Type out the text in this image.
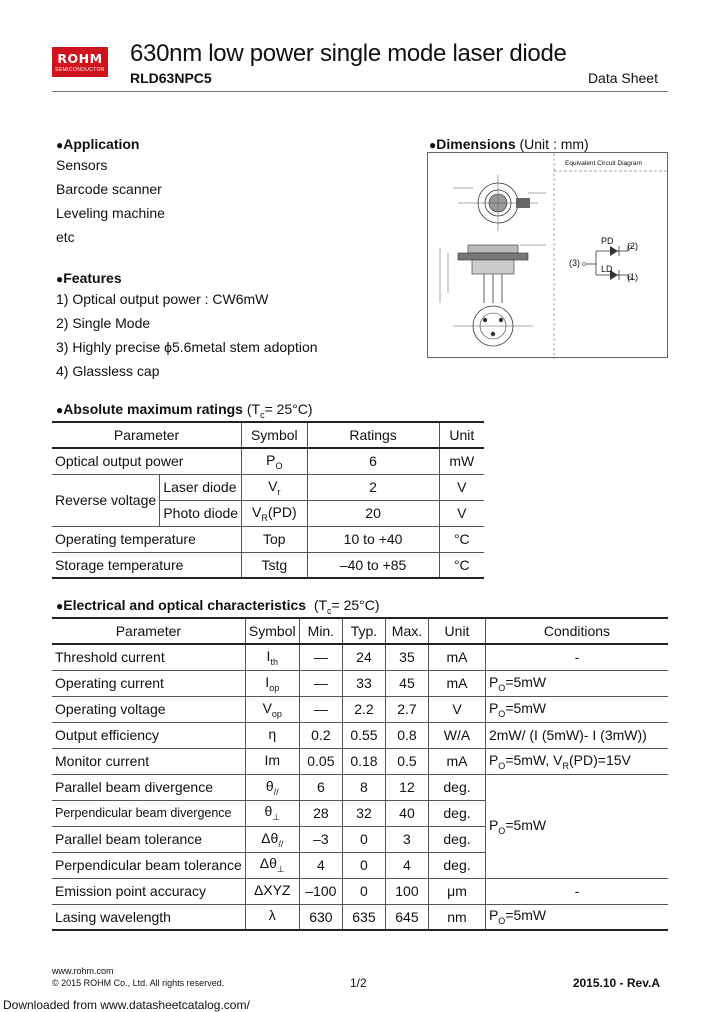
ROHM
SEMICONDUCTOR
630nm low power single mode laser diode
RLD63NPC5	Data Sheet
●Application
Sensors
Barcode scanner
Leveling machine
etc
●Dimensions (Unit : mm)
Equivalent Circuit Diagram
PD
LD
(2)
(1)
(3)
●Features
1) Optical output power : CW6mW
2) Single Mode
3) Highly precise ϕ5.6metal stem adoption
4) Glassless cap
●Absolute maximum ratings $(T_c= 25^\circ C)$
Parameter		Symbol	Ratings	Unit
Optical output power		$P_O$	6	mW
Reverse voltage	Laser diode	$V_r$	2	V
	Photo diode	$V_R(PD)$	20	V
Operating temperature		Top	10 to +40	°C
Storage temperature		Tstg	–40 to +85	°C
●Electrical and optical characteristics $(T_c= 25^\circ C)$
Parameter	Symbol	Min.	Typ.	Max.	Unit	Conditions
Threshold current	$I_{th}$	—	24	35	mA	-
Operating current	$I_{op}$	—	33	45	mA	$P_O=5mW$
Operating voltage	$V_{op}$	—	2.2	2.7	V	$P_O=5mW$
Output efficiency	η	0.2	0.55	0.8	W/A	2mW/ (I (5mW)- I (3mW))
Monitor current	Im	0.05	0.18	0.5	mA	$P_O=5mW$, $V_R(PD)=15V$
Parallel beam divergence	$\theta_{//}$	6	8	12	deg.	$P_O=5mW$
Perpendicular beam divergence	$\theta_\perp$	28	32	40	deg.	
Parallel beam tolerance	$\Delta\theta_{//}$	–3	0	3	deg.	
Perpendicular beam tolerance	$\Delta\theta_\perp$	4	0	4	deg.	
Emission point accuracy	ΔXYZ	–100	0	100	μm	-
Lasing wavelength	λ	630	635	645	nm	$P_O=5mW$
www.rohm.com
© 2015 ROHM Co., Ltd. All rights reserved.	1/2	2015.10 - Rev.A
Downloaded from www.datasheetcatalog.com/
